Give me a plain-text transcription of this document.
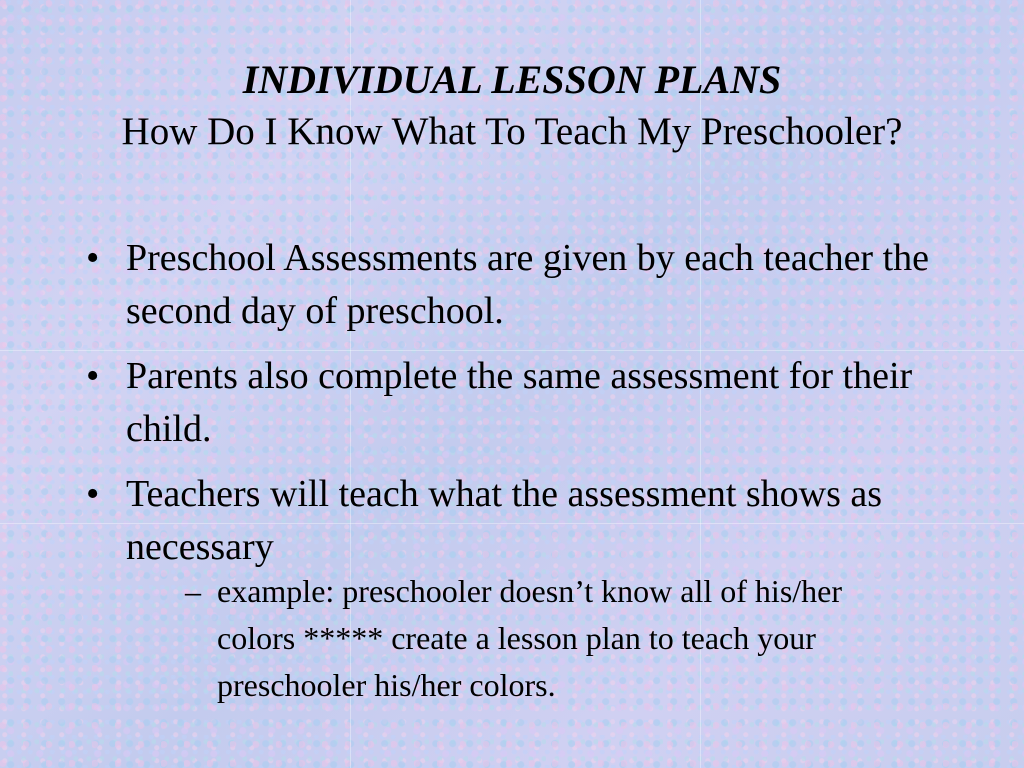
INDIVIDUAL LESSON PLANS

How Do I Know What To Teach My Preschooler?

• Preschool Assessments are given by each teacher the second day of preschool.
• Parents also complete the same assessment for their child.
• Teachers will teach what the assessment shows as necessary
– example: preschooler doesn’t know all of his/her colors ***** create a lesson plan to teach your preschooler his/her colors.
